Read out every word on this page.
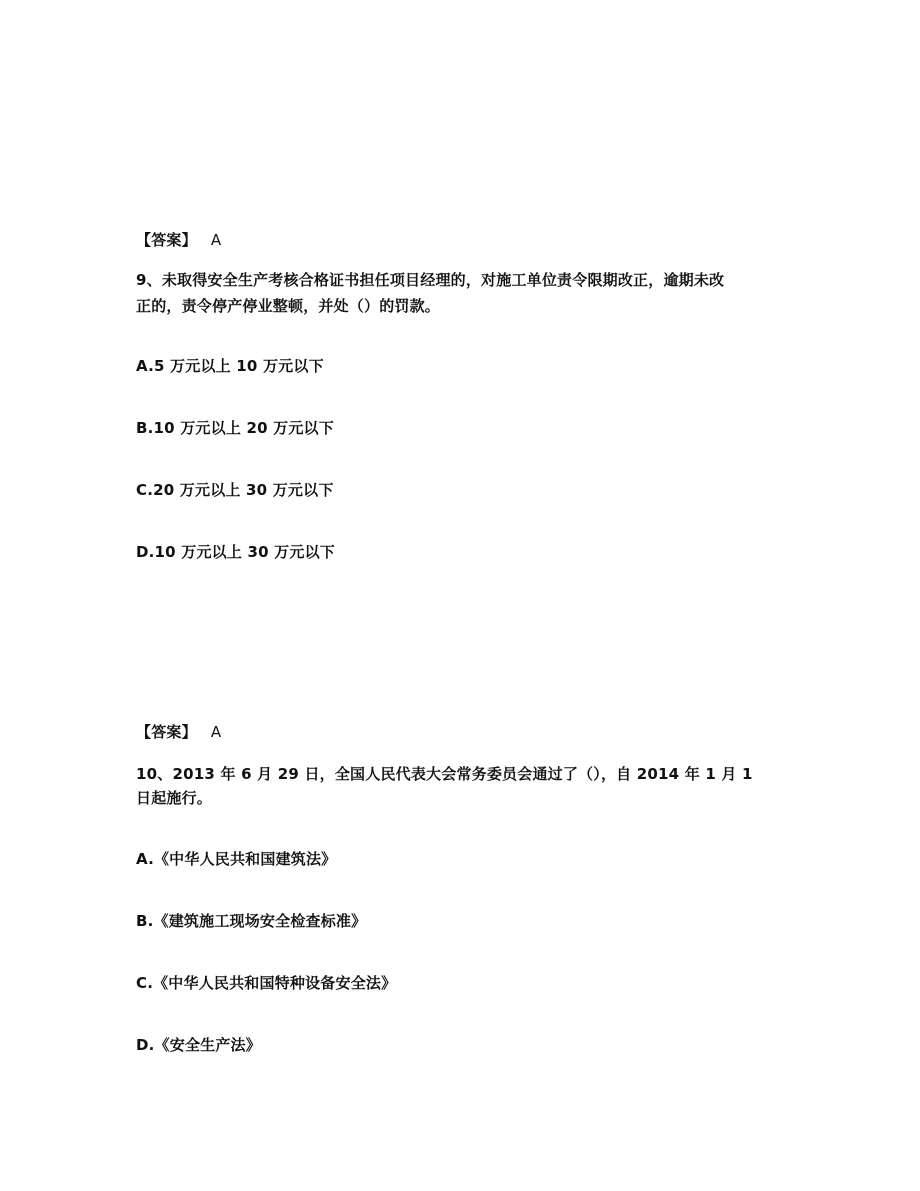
【答案】 A
9、未取得安全生产考核合格证书担任项目经理的，对施工单位责令限期改正，逾期未改
正的，责令停产停业整顿，并处（）的罚款。
A.5 万元以上 10 万元以下
B.10 万元以上 20 万元以下
C.20 万元以上 30 万元以下
D.10 万元以上 30 万元以下
【答案】 A
10、2013 年 6 月 29 日，全国人民代表大会常务委员会通过了（），自 2014 年 1 月 1
日起施行。
A.《中华人民共和国建筑法》
B.《建筑施工现场安全检查标准》
C.《中华人民共和国特种设备安全法》
D.《安全生产法》
